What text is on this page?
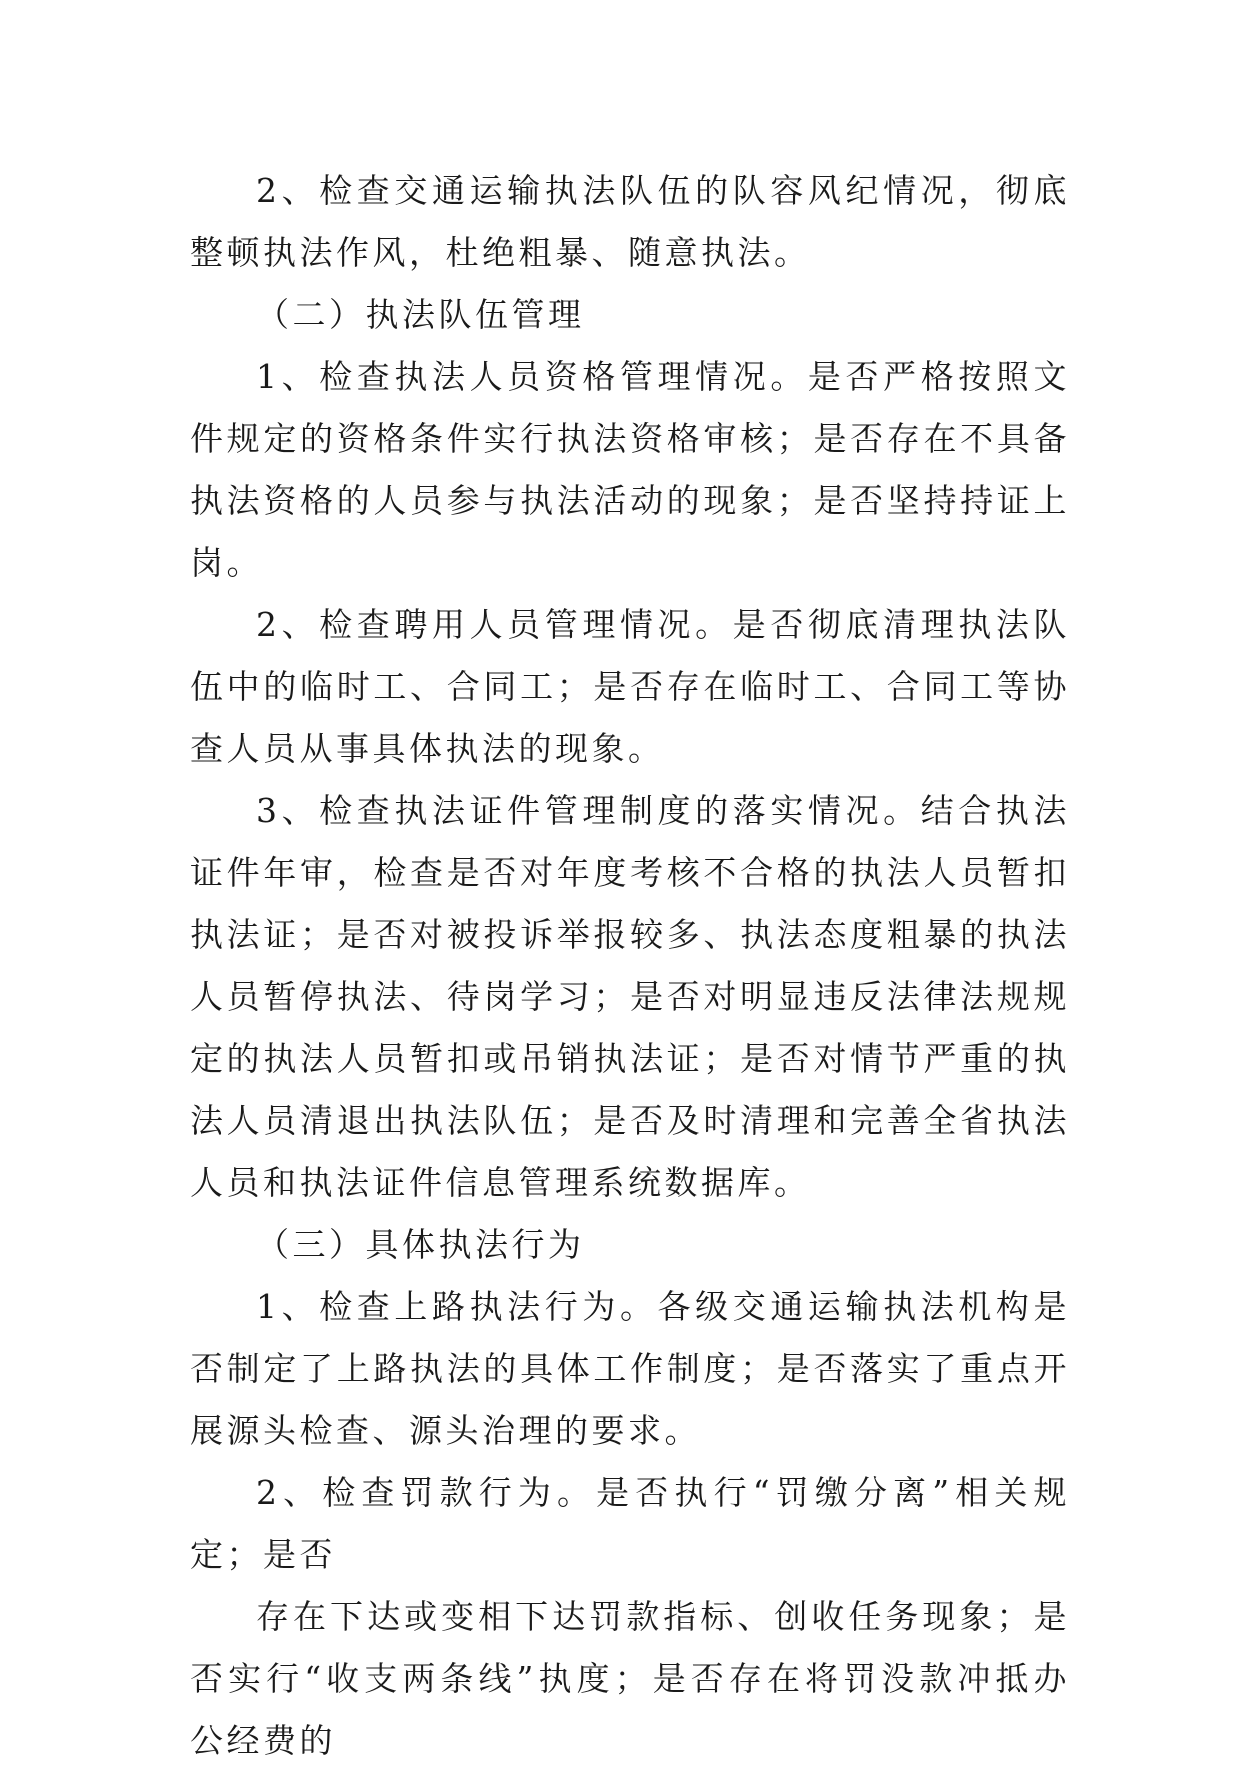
2、检查交通运输执法队伍的队容风纪情况，彻底整顿执法作风，杜绝粗暴、随意执法。

（二）执法队伍管理

1、检查执法人员资格管理情况。是否严格按照文件规定的资格条件实行执法资格审核；是否存在不具备执法资格的人员参与执法活动的现象；是否坚持持证上岗。

2、检查聘用人员管理情况。是否彻底清理执法队伍中的临时工、合同工；是否存在临时工、合同工等协查人员从事具体执法的现象。

3、检查执法证件管理制度的落实情况。结合执法证件年审，检查是否对年度考核不合格的执法人员暂扣执法证；是否对被投诉举报较多、执法态度粗暴的执法人员暂停执法、待岗学习；是否对明显违反法律法规规定的执法人员暂扣或吊销执法证；是否对情节严重的执法人员清退出执法队伍；是否及时清理和完善全省执法人员和执法证件信息管理系统数据库。

（三）具体执法行为

1、检查上路执法行为。各级交通运输执法机构是否制定了上路执法的具体工作制度；是否落实了重点开展源头检查、源头治理的要求。

2、检查罚款行为。是否执行“罚缴分离”相关规定；是否

存在下达或变相下达罚款指标、创收任务现象；是否实行“收支两条线”执度；是否存在将罚没款冲抵办公经费的
